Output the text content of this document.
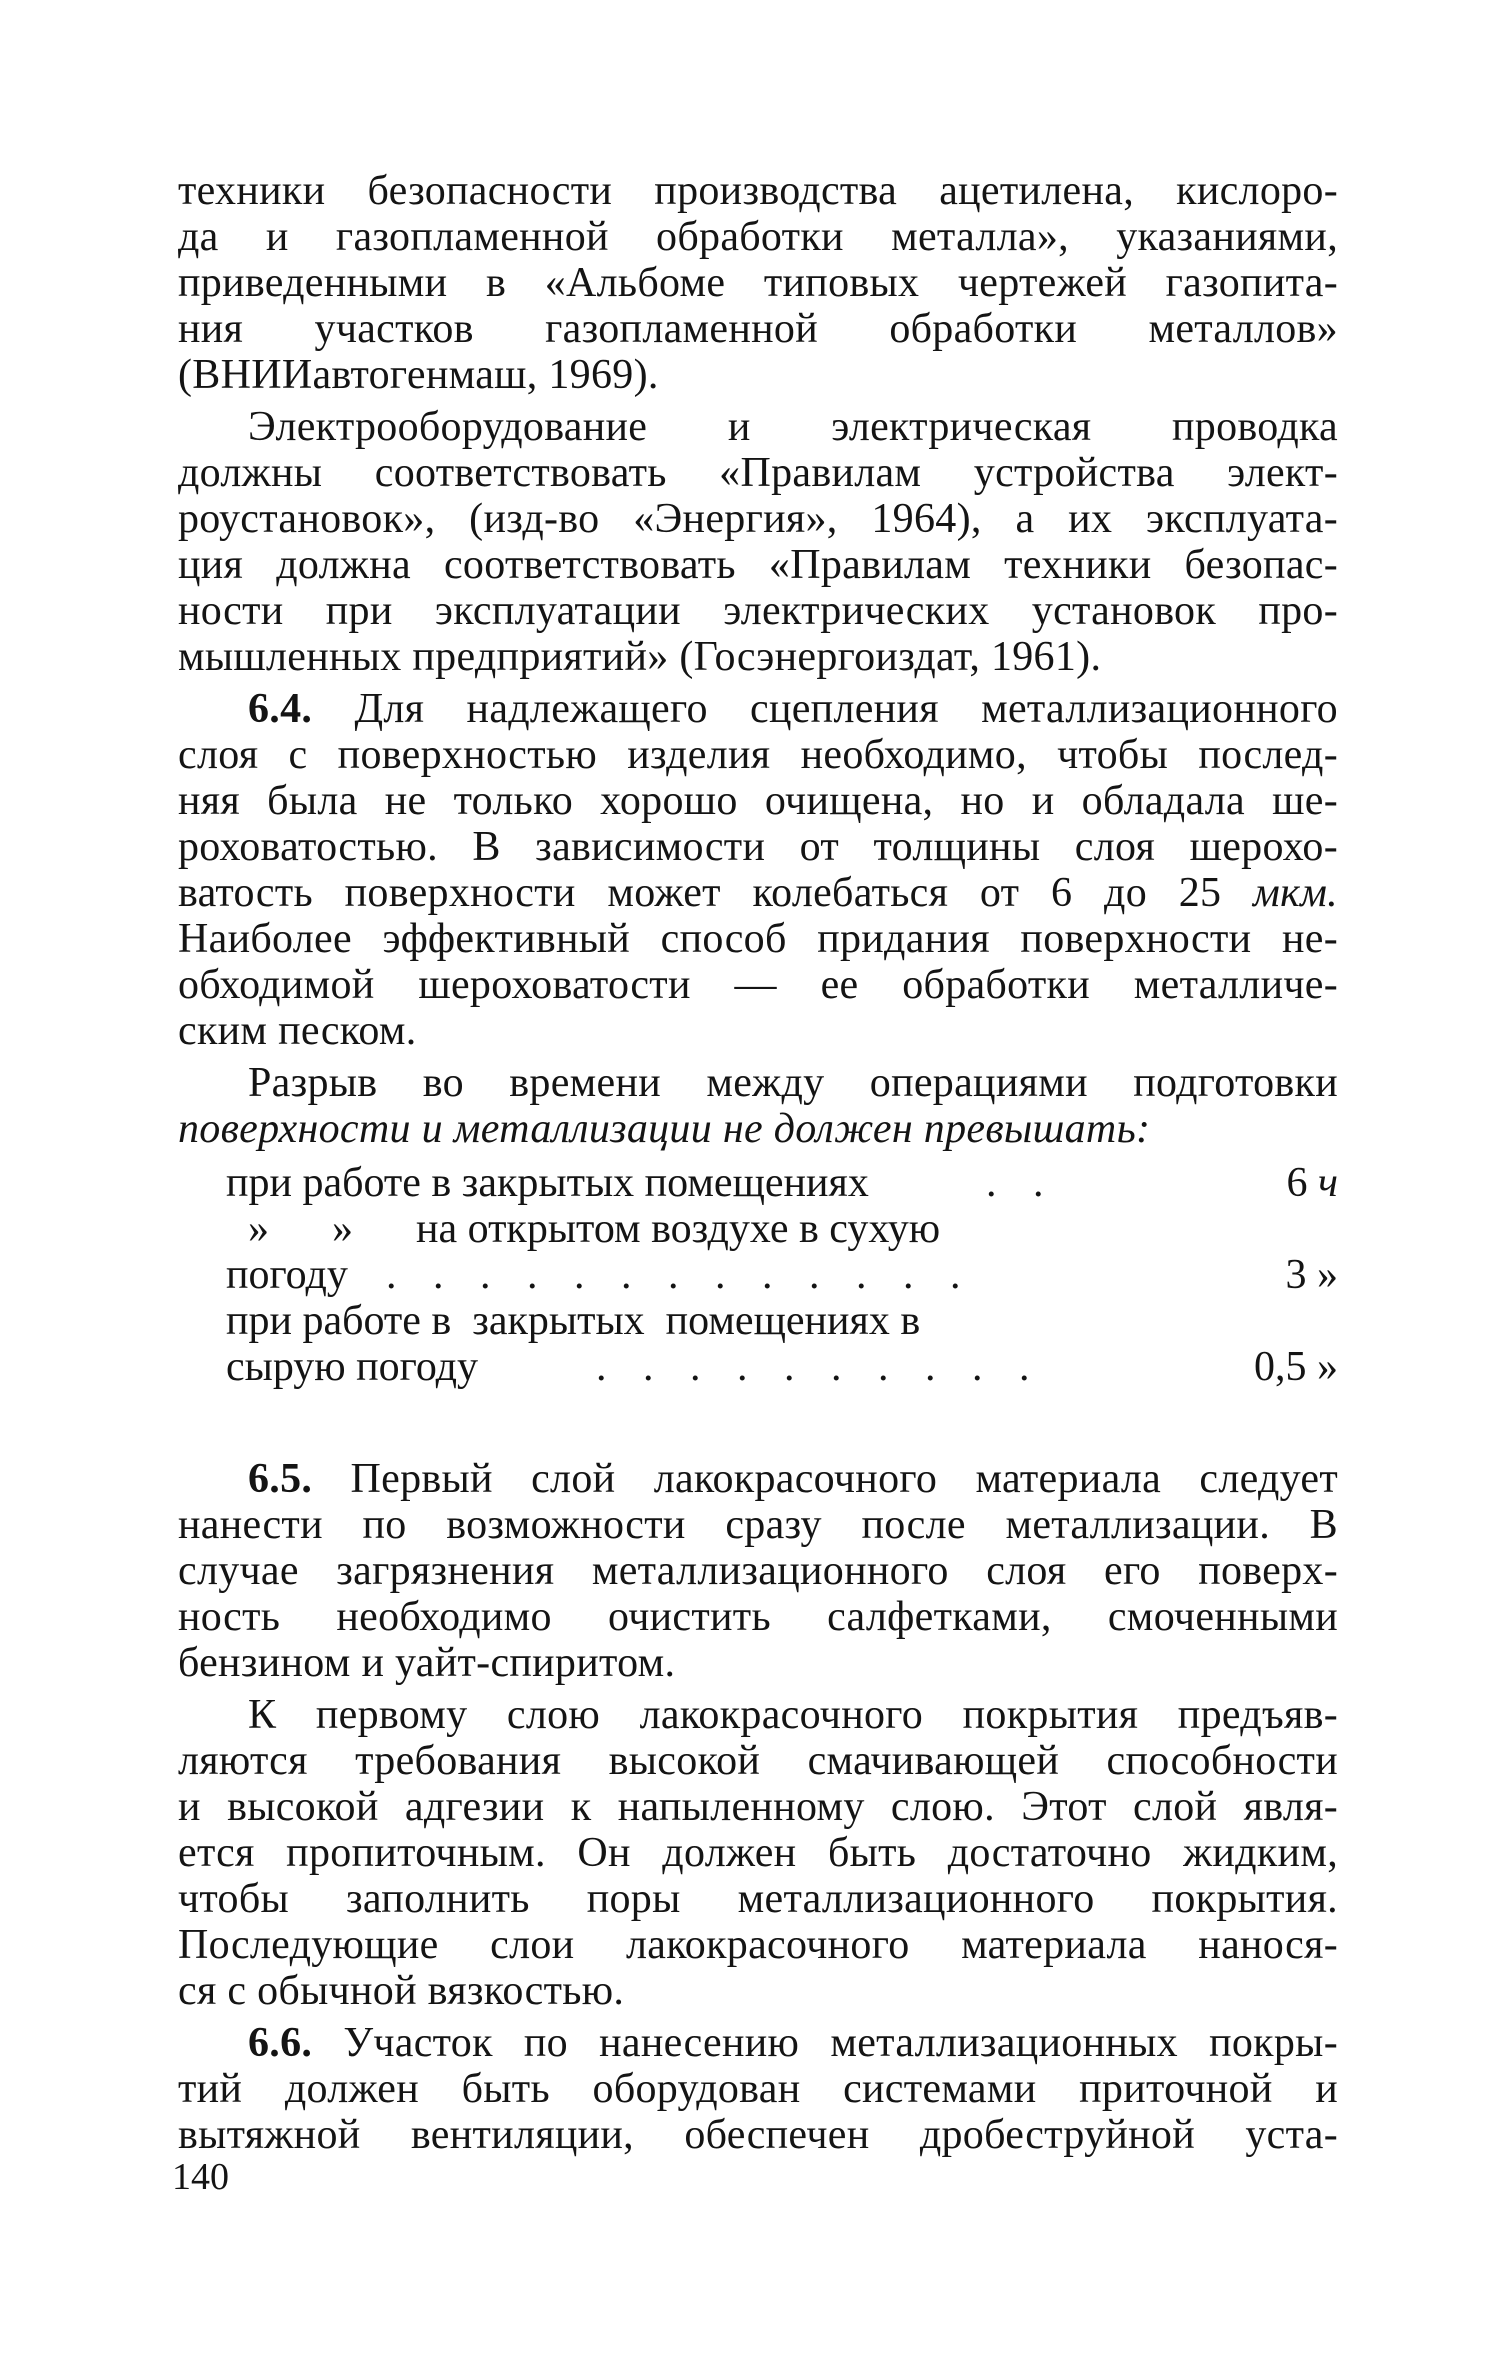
техники безопасности производства ацетилена, кислоро-
да и газопламенной обработки металла», указаниями,
приведенными в «Альбоме типовых чертежей газопита-
ния участков газопламенной обработки металлов»
(ВНИИавтогенмаш, 1969).

Электрооборудование и электрическая проводка
должны соответствовать «Правилам устройства элект-
роустановок», (изд-во «Энергия», 1964), а их эксплуата-
ция должна соответствовать «Правилам техники безопас-
ности при эксплуатации электрических установок про-
мышленных предприятий» (Госэнергоиздат, 1961).

6.4. Для надлежащего сцепления металлизационного
слоя с поверхностью изделия необходимо, чтобы послед-
няя была не только хорошо очищена, но и обладала ше-
роховатостью. В зависимости от толщины слоя шерохо-
ватость поверхности может колебаться от 6 до 25 мкм.
Наиболее эффективный способ придания поверхности не-
обходимой шероховатости — ее обработки металличе-
ским песком.

Разрыв во времени между операциями подготовки
поверхности и металлизации не должен превышать:

при работе в закрытых помещениях	. .	6 ч
»      »      на открытом воздухе в сухую
погоду . . . . . . . . . . . . .	3 »
при работе в  закрытых  помещениях в
сырую погоду	. . . . . . . . . .	0,5 »

6.5. Первый слой лакокрасочного материала следует
нанести по возможности сразу после металлизации. В
случае загрязнения металлизационного слоя его поверх-
ность необходимо очистить салфетками, смоченными
бензином и уайт-спиритом.

К первому слою лакокрасочного покрытия предъяв-
ляются требования высокой смачивающей способности
и высокой адгезии к напыленному слою. Этот слой явля-
ется пропиточным. Он должен быть достаточно жидким,
чтобы заполнить поры металлизационного покрытия.
Последующие слои лакокрасочного материала нанося-
ся с обычной вязкостью.

6.6. Участок по нанесению металлизационных покры-
тий должен быть оборудован системами приточной и
вытяжной вентиляции, обеспечен дробеструйной уста-

140
